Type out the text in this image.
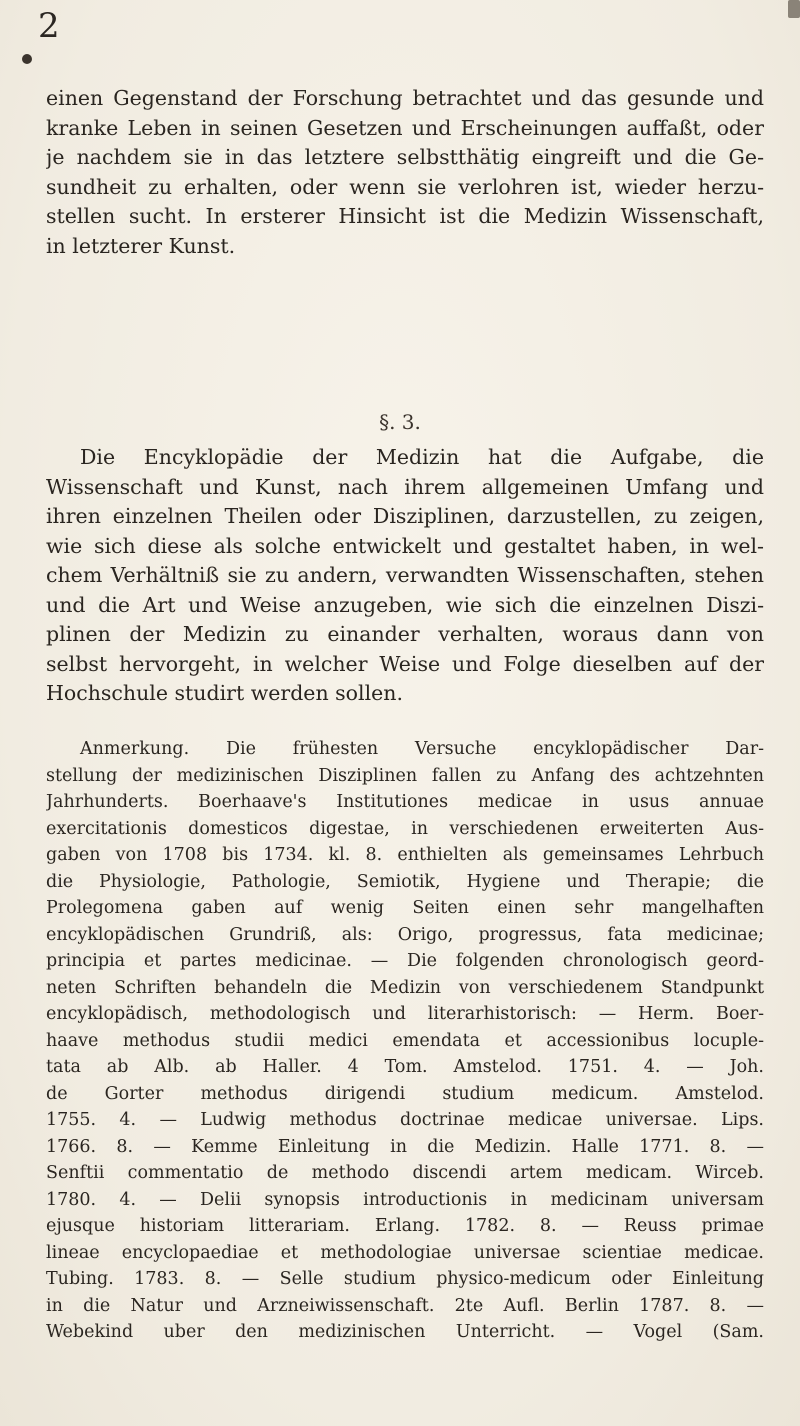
2
einen Gegenstand der Forschung betrachtet und das gesunde und
kranke Leben in seinen Gesetzen und Erscheinungen auffaßt, oder
je nachdem sie in das letztere selbstthätig eingreift und die Ge-
sundheit zu erhalten, oder wenn sie verlohren ist, wieder herzu-
stellen sucht. In ersterer Hinsicht ist die Medizin Wissenschaft,
in letzterer Kunst.
§. 3.
Die Encyklopädie der Medizin hat die Aufgabe, die
Wissenschaft und Kunst, nach ihrem allgemeinen Umfang und
ihren einzelnen Theilen oder Disziplinen, darzustellen, zu zeigen,
wie sich diese als solche entwickelt und gestaltet haben, in wel-
chem Verhältniß sie zu andern, verwandten Wissenschaften, stehen
und die Art und Weise anzugeben, wie sich die einzelnen Diszi-
plinen der Medizin zu einander verhalten, woraus dann von
selbst hervorgeht, in welcher Weise und Folge dieselben auf der
Hochschule studirt werden sollen.
Anmerkung. Die frühesten Versuche encyklopädischer Dar-
stellung der medizinischen Disziplinen fallen zu Anfang des achtzehnten
Jahrhunderts. Boerhaave's Institutiones medicae in usus annuae
exercitationis domesticos digestae, in verschiedenen erweiterten Aus-
gaben von 1708 bis 1734. kl. 8. enthielten als gemeinsames Lehrbuch
die Physiologie, Pathologie, Semiotik, Hygiene und Therapie; die
Prolegomena gaben auf wenig Seiten einen sehr mangelhaften
encyklopädischen Grundriß, als: Origo, progressus, fata medicinae;
principia et partes medicinae. — Die folgenden chronologisch geord-
neten Schriften behandeln die Medizin von verschiedenem Standpunkt
encyklopädisch, methodologisch und literarhistorisch: — Herm. Boer-
haave methodus studii medici emendata et accessionibus locuple-
tata ab Alb. ab Haller. 4 Tom. Amstelod. 1751. 4. — Joh.
de Gorter methodus dirigendi studium medicum. Amstelod.
1755. 4. — Ludwig methodus doctrinae medicae universae. Lips.
1766. 8. — Kemme Einleitung in die Medizin. Halle 1771. 8. —
Senftii commentatio de methodo discendi artem medicam. Wirceb.
1780. 4. — Delii synopsis introductionis in medicinam universam
ejusque historiam litterariam. Erlang. 1782. 8. — Reuss primae
lineae encyclopaediae et methodologiae universae scientiae medicae.
Tubing. 1783. 8. — Selle studium physico-medicum oder Einleitung
in die Natur und Arzneiwissenschaft. 2te Aufl. Berlin 1787. 8. —
Webekind uber den medizinischen Unterricht. — Vogel (Sam.
